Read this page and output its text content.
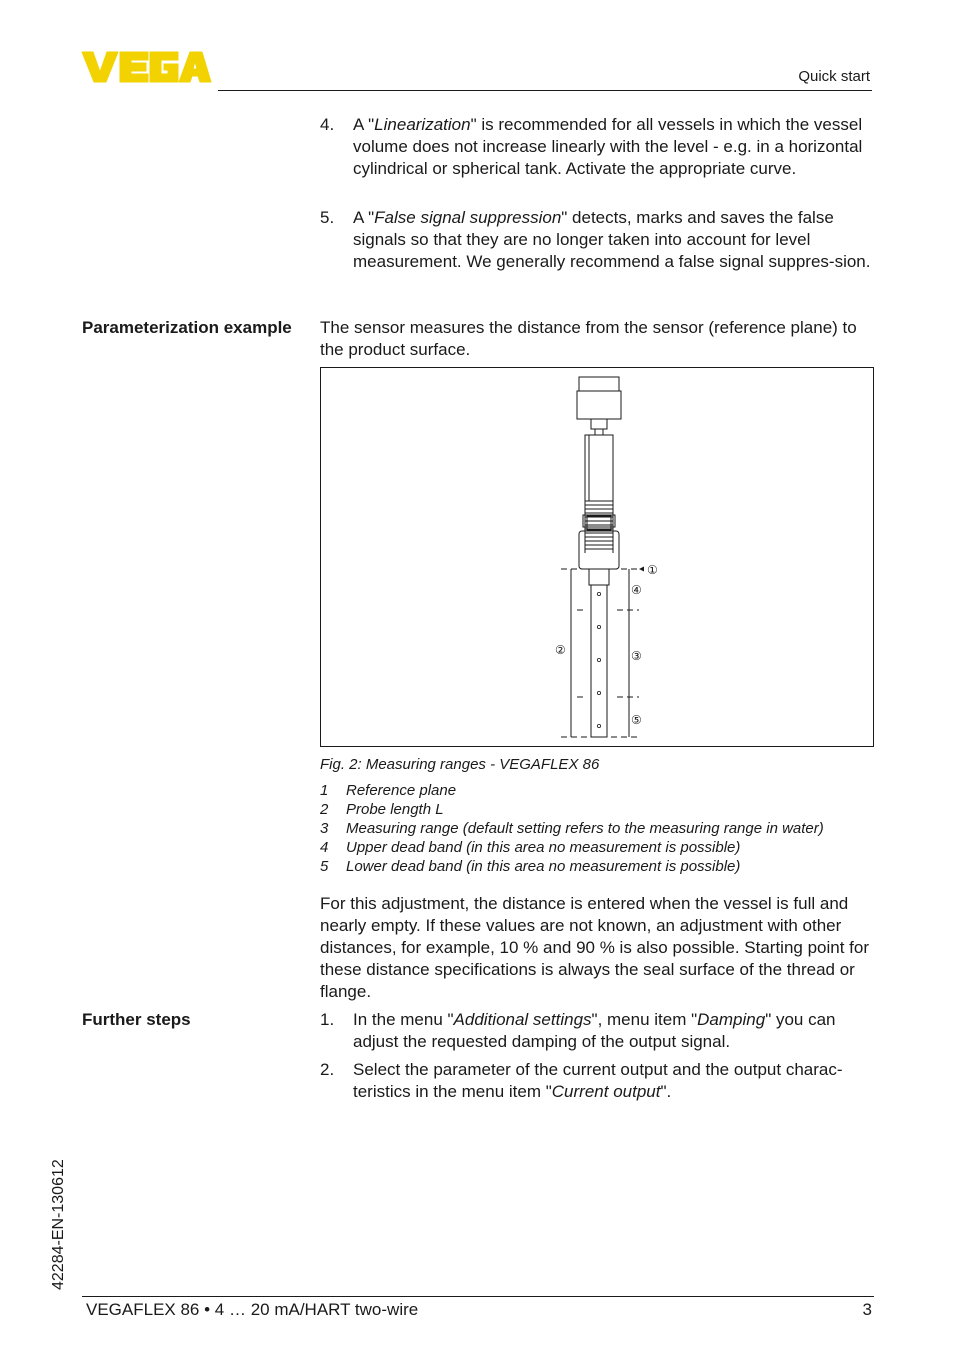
Quick start
4. A "Linearization" is recommended for all vessels in which the vessel volume does not increase linearly with the level - e.g. in a horizontal cylindrical or spherical tank. Activate the appropriate curve.
5. A "False signal suppression" detects, marks and saves the false signals so that they are no longer taken into account for level measurement. We generally recommend a false signal suppres-sion.
Parameterization example The sensor measures the distance from the sensor (reference plane) to the product surface.
①
②	③
④
⑤
Fig. 2: Measuring ranges - VEGAFLEX 86
1 Reference plane
2 Probe length L
3 Measuring range (default setting refers to the measuring range in water)
4 Upper dead band (in this area no measurement is possible)
5 Lower dead band (in this area no measurement is possible)
For this adjustment, the distance is entered when the vessel is full and nearly empty. If these values are not known, an adjustment with other distances, for example, 10 % and 90 % is also possible. Starting point for these distance specifications is always the seal surface of the thread or flange.
Further steps	1. In the menu "Additional settings", menu item "Damping" you can adjust the requested damping of the output signal.
2. Select the parameter of the current output and the output charac-teristics in the menu item "Current output".
42284-EN-130612
VEGAFLEX 86 • 4 … 20 mA/HART two-wire	3
